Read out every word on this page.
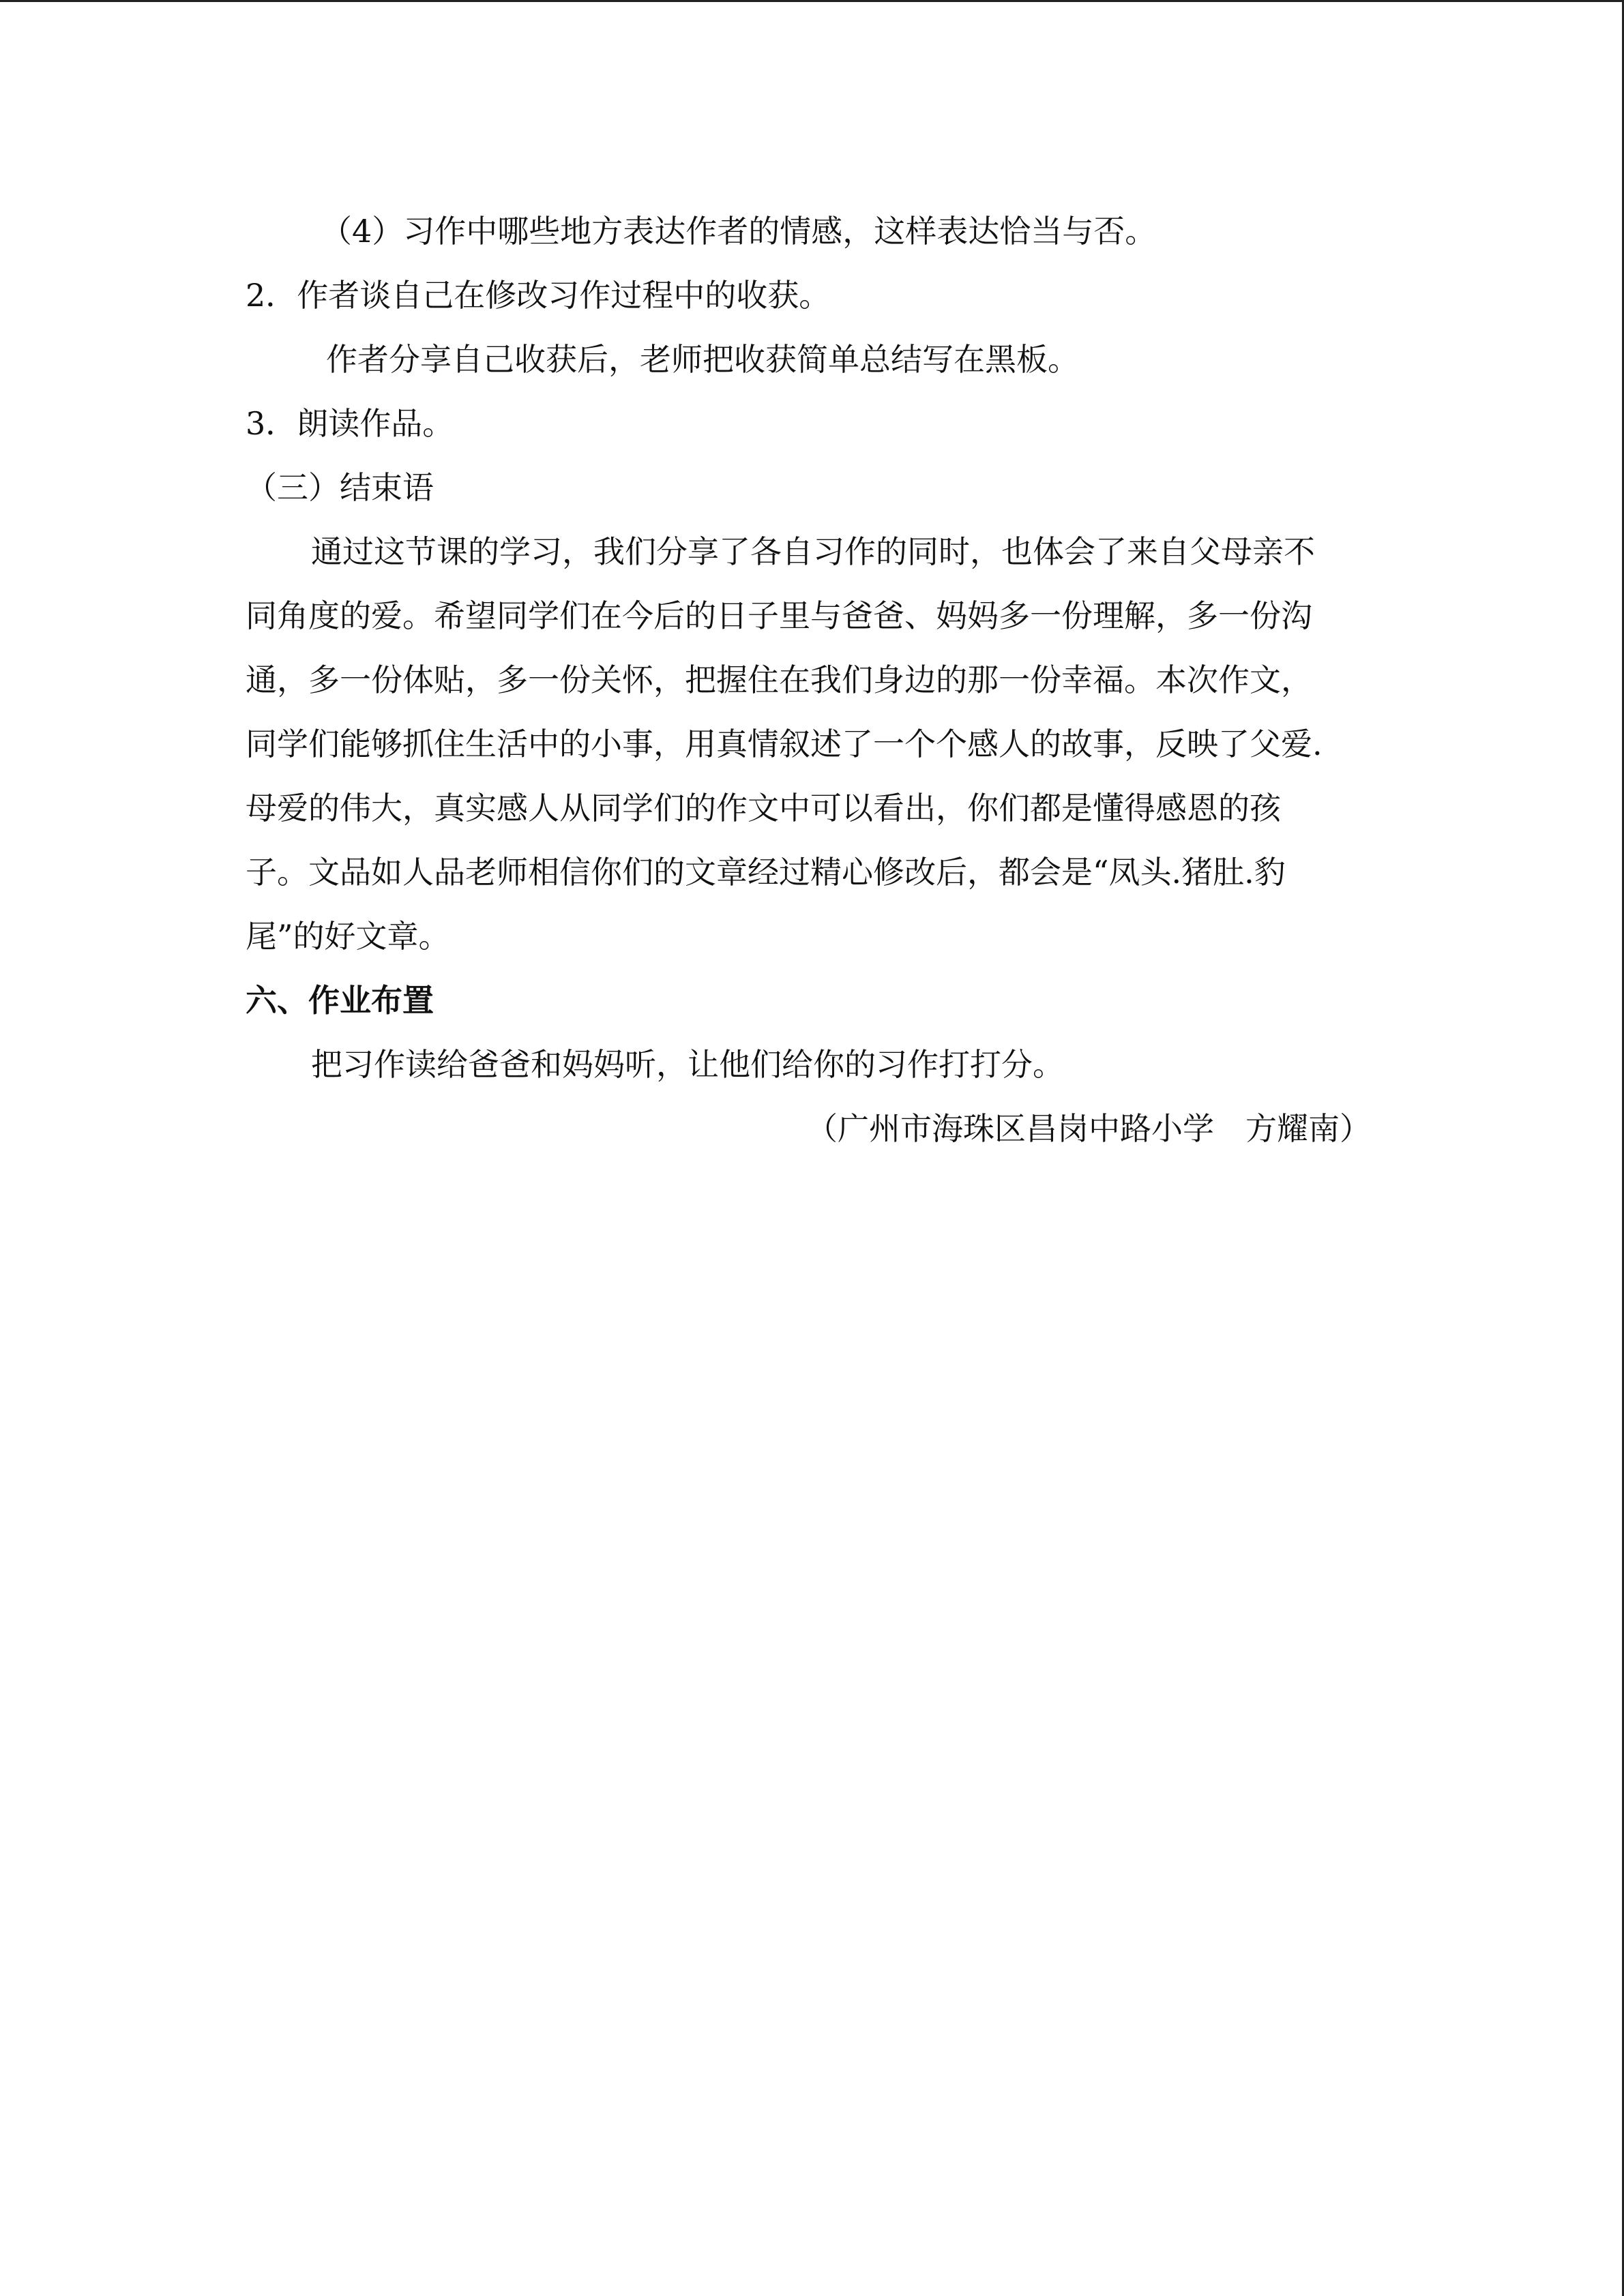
（4）习作中哪些地方表达作者的情感，这样表达恰当与否。
2．作者谈自己在修改习作过程中的收获。
作者分享自己收获后，老师把收获简单总结写在黑板。
3．朗读作品。
（三）结束语
通过这节课的学习，我们分享了各自习作的同时，也体会了来自父母亲不
同角度的爱。希望同学们在今后的日子里与爸爸、妈妈多一份理解，多一份沟
通，多一份体贴，多一份关怀，把握住在我们身边的那一份幸福。本次作文，
同学们能够抓住生活中的小事，用真情叙述了一个个感人的故事，反映了父爱.
母爱的伟大，真实感人从同学们的作文中可以看出，你们都是懂得感恩的孩
子。文品如人品老师相信你们的文章经过精心修改后，都会是“凤头.猪肚.豹
尾”的好文章。
六、作业布置
把习作读给爸爸和妈妈听，让他们给你的习作打打分。
（广州市海珠区昌岗中路小学　方耀南）
